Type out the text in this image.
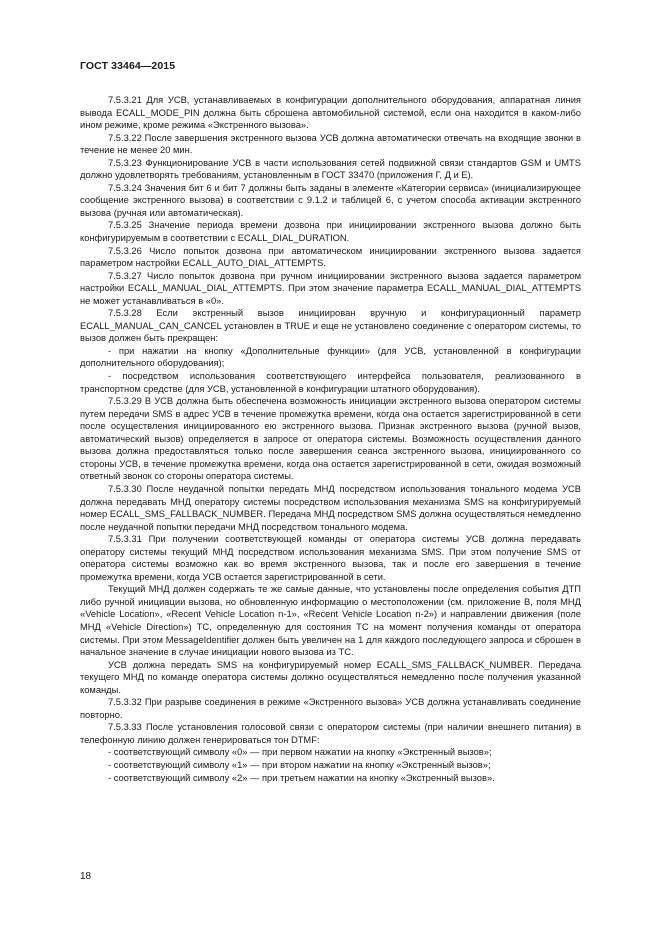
ГОСТ 33464—2015

7.5.3.21 Для УСВ, устанавливаемых в конфигурации дополнительного оборудования, аппаратная линия вывода ECALL_MODE_PIN должна быть сброшена автомобильной системой, если она находится в каком-либо ином режиме, кроме режима «Экстренного вызова».

7.5.3.22 После завершения экстренного вызова УСВ должна автоматически отвечать на входящие звонки в течение не менее 20 мин.

7.5.3.23 Функционирование УСВ в части использования сетей подвижной связи стандартов GSM и UMTS должно удовлетворять требованиям, установленным в ГОСТ 33470 (приложения Г, Д и Е).

7.5.3.24 Значения бит 6 и бит 7 должны быть заданы в элементе «Категории сервиса» (инициализирующее сообщение экстренного вызова) в соответствии с 9.1.2 и таблицей 6, с учетом способа активации экстренного вызова (ручная или автоматическая).

7.5.3.25 Значение периода времени дозвона при инициировании экстренного вызова должно быть конфигурируемым в соответствии с ECALL_DIAL_DURATION.

7.5.3.26 Число попыток дозвона при автоматическом инициировании экстренного вызова задается параметром настройки ECALL_AUTO_DIAL_ATTEMPTS.

7.5.3.27 Число попыток дозвона при ручном инициировании экстренного вызова задается параметром настройки ECALL_MANUAL_DIAL_ATTEMPTS. При этом значение параметра ECALL_MANUAL_DIAL_ATTEMPTS не может устанавливаться в «0».

7.5.3.28 Если экстренный вызов инициирован вручную и конфигурационный параметр ECALL_MANUAL_CAN_CANCEL установлен в TRUE и еще не установлено соединение с оператором системы, то вызов должен быть прекращен:

- при нажатии на кнопку «Дополнительные функции» (для УСВ, установленной в конфигурации дополнительного оборудования);

- посредством использования соответствующего интерфейса пользователя, реализованного в транспортном средстве (для УСВ, установленной в конфигурации штатного оборудования).

7.5.3.29 В УСВ должна быть обеспечена возможность инициации экстренного вызова оператором системы путем передачи SMS в адрес УСВ в течение промежутка времени, когда она остается зарегистрированной в сети после осуществления инициированного ею экстренного вызова. Признак экстренного вызова (ручной вызов, автоматический вызов) определяется в запросе от оператора системы. Возможность осуществления данного вызова должна предоставляться только после завершения сеанса экстренного вызова, инициированного со стороны УСВ, в течение промежутка времени, когда она остается зарегистрированной в сети, ожидая возможный ответный звонок со стороны оператора системы.

7.5.3.30 После неудачной попытки передать МНД посредством использования тонального модема УСВ должна передавать МНД оператору системы посредством использования механизма SMS на конфигурируемый номер ECALL_SMS_FALLBACK_NUMBER. Передача МНД посредством SMS должна осуществляться немедленно после неудачной попытки передачи МНД посредством тонального модема.

7.5.3.31 При получении соответствующей команды от оператора системы УСВ должна передавать оператору системы текущий МНД посредством использования механизма SMS. При этом получение SMS от оператора системы возможно как во время экстренного вызова, так и после его завершения в течение промежутка времени, когда УСВ остается зарегистрированной в сети.

Текущий МНД должен содержать те же самые данные, что установлены после определения события ДТП либо ручной инициации вызова, но обновленную информацию о местоположении (см. приложение В, поля МНД «Vehicle Location», «Recent Vehicle Location n-1», «Recent Vehicle Location n-2») и направлении движения (поле МНД «Vehicle Direction») ТС, определенную для состояния ТС на момент получения команды от оператора системы. При этом MessageIdentifier должен быть увеличен на 1 для каждого последующего запроса и сброшен в начальное значение в случае инициации нового вызова из ТС.

УСВ должна передать SMS на конфигурируемый номер ECALL_SMS_FALLBACK_NUMBER. Передача текущего МНД по команде оператора системы должно осуществляться немедленно после получения указанной команды.

7.5.3.32 При разрыве соединения в режиме «Экстренного вызова» УСВ должна устанавливать соединение повторно.

7.5.3.33 После установления голосовой связи с оператором системы (при наличии внешнего питания) в телефонную линию должен генерироваться тон DTMF:

- соответствующий символу «0» — при первом нажатии на кнопку «Экстренный вызов»;

- соответствующий символу «1» — при втором нажатии на кнопку «Экстренный вызов»;

- соответствующий символу «2» — при третьем нажатии на кнопку «Экстренный вызов».

18
